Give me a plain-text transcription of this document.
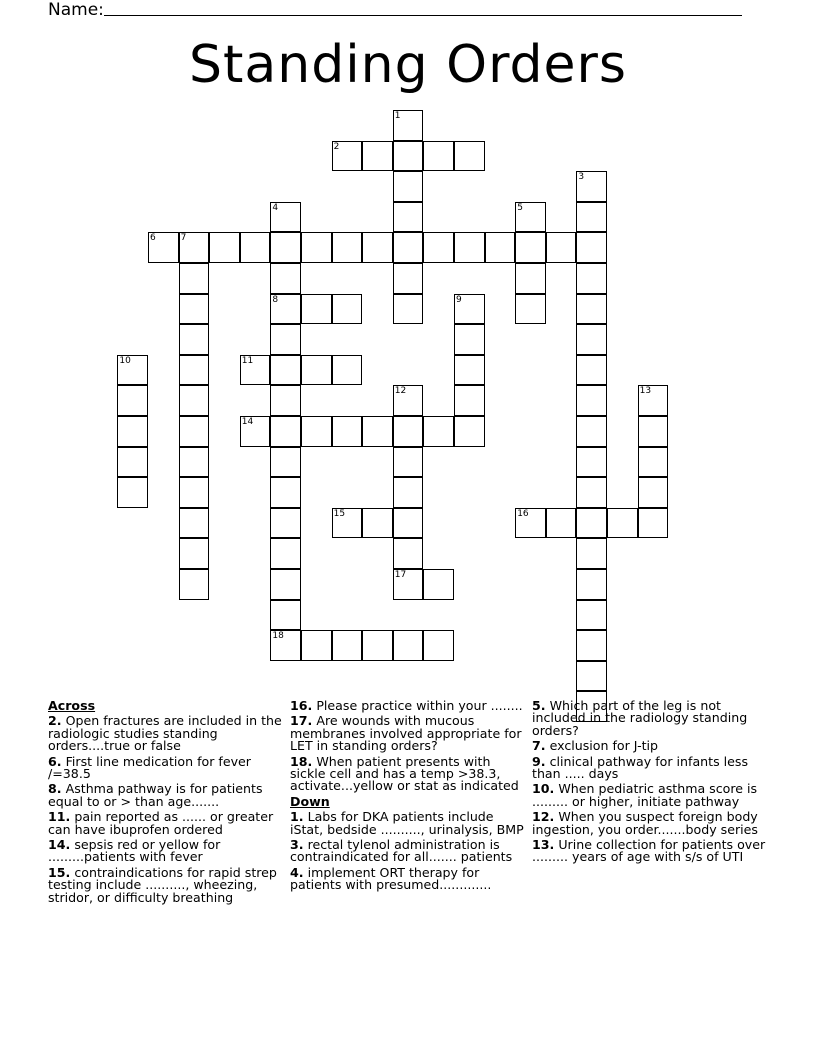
Name:
Standing Orders
2
6	7
8
11
14
15	16
17
18
1
3
4	5
9
10
12	13
Across
2. Open fractures are included in the radiologic studies standing orders....true or false
6. First line medication for fever /=38.5
8. Asthma pathway is for patients equal to or > than age.......
11. pain reported as ...... or greater can have ibuprofen ordered
14. sepsis red or yellow for .........patients with fever
15. contraindications for rapid strep testing include .........., wheezing, stridor, or difficulty breathing
16. Please practice within your ........
17. Are wounds with mucous membranes involved appropriate for LET in standing orders?
18. When patient presents with sickle cell and has a temp >38.3, activate...yellow or stat as indicated
Down
1. Labs for DKA patients include iStat, bedside .........., urinalysis, BMP
3. rectal tylenol administration is contraindicated for all....... patients
4. implement ORT therapy for patients with presumed.............
5. Which part of the leg is not included in the radiology standing orders?
7. exclusion for J-tip
9. clinical pathway for infants less than ..... days
10. When pediatric asthma score is ......... or higher, initiate pathway
12. When you suspect foreign body ingestion, you order.......body series
13. Urine collection for patients over ......... years of age with s/s of UTI
